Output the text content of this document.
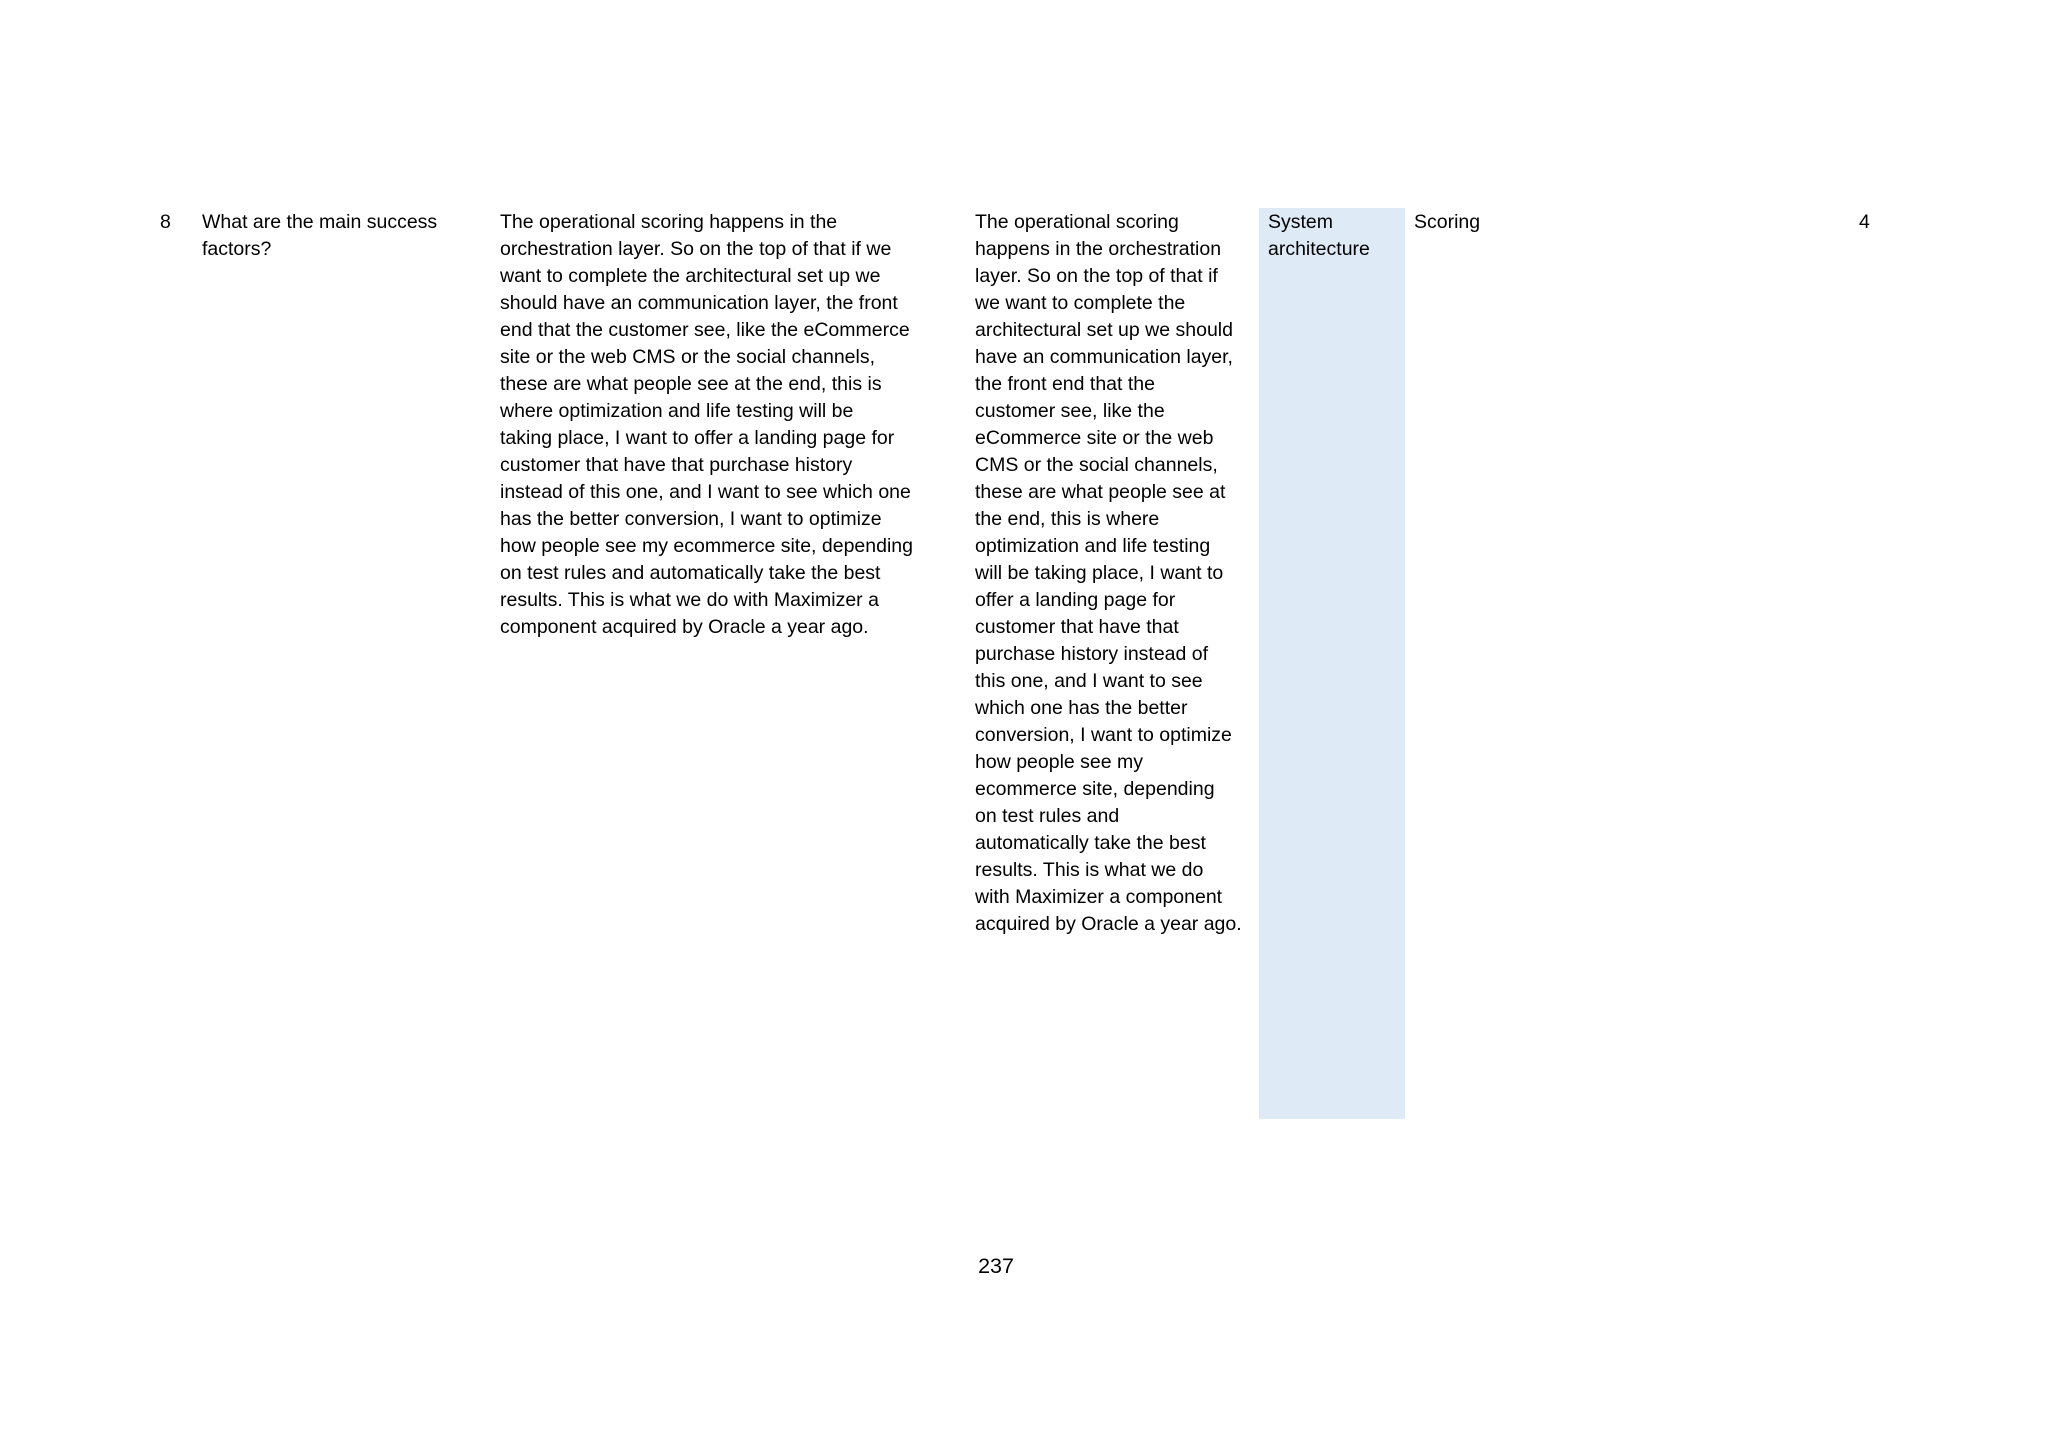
8	What are the main success
factors?
The operational scoring happens in the
orchestration layer. So on the top of that if we
want to complete the architectural set up we
should have an communication layer, the front
end that the customer see, like the eCommerce
site or the web CMS or the social channels,
these are what people see at the end, this is
where optimization and life testing will be
taking place, I want to offer a landing page for
customer that have that purchase history
instead of this one, and I want to see which one
has the better conversion, I want to optimize
how people see my ecommerce site, depending
on test rules and automatically take the best
results. This is what we do with Maximizer a
component acquired by Oracle a year ago.
The operational scoring
happens in the orchestration
layer. So on the top of that if
we want to complete the
architectural set up we should
have an communication layer,
the front end that the
customer see, like the
eCommerce site or the web
CMS or the social channels,
these are what people see at
the end, this is where
optimization and life testing
will be taking place, I want to
offer a landing page for
customer that have that
purchase history instead of
this one, and I want to see
which one has the better
conversion, I want to optimize
how people see my
ecommerce site, depending
on test rules and
automatically take the best
results. This is what we do
with Maximizer a component
acquired by Oracle a year ago.
System
architecture
Scoring	4
237
